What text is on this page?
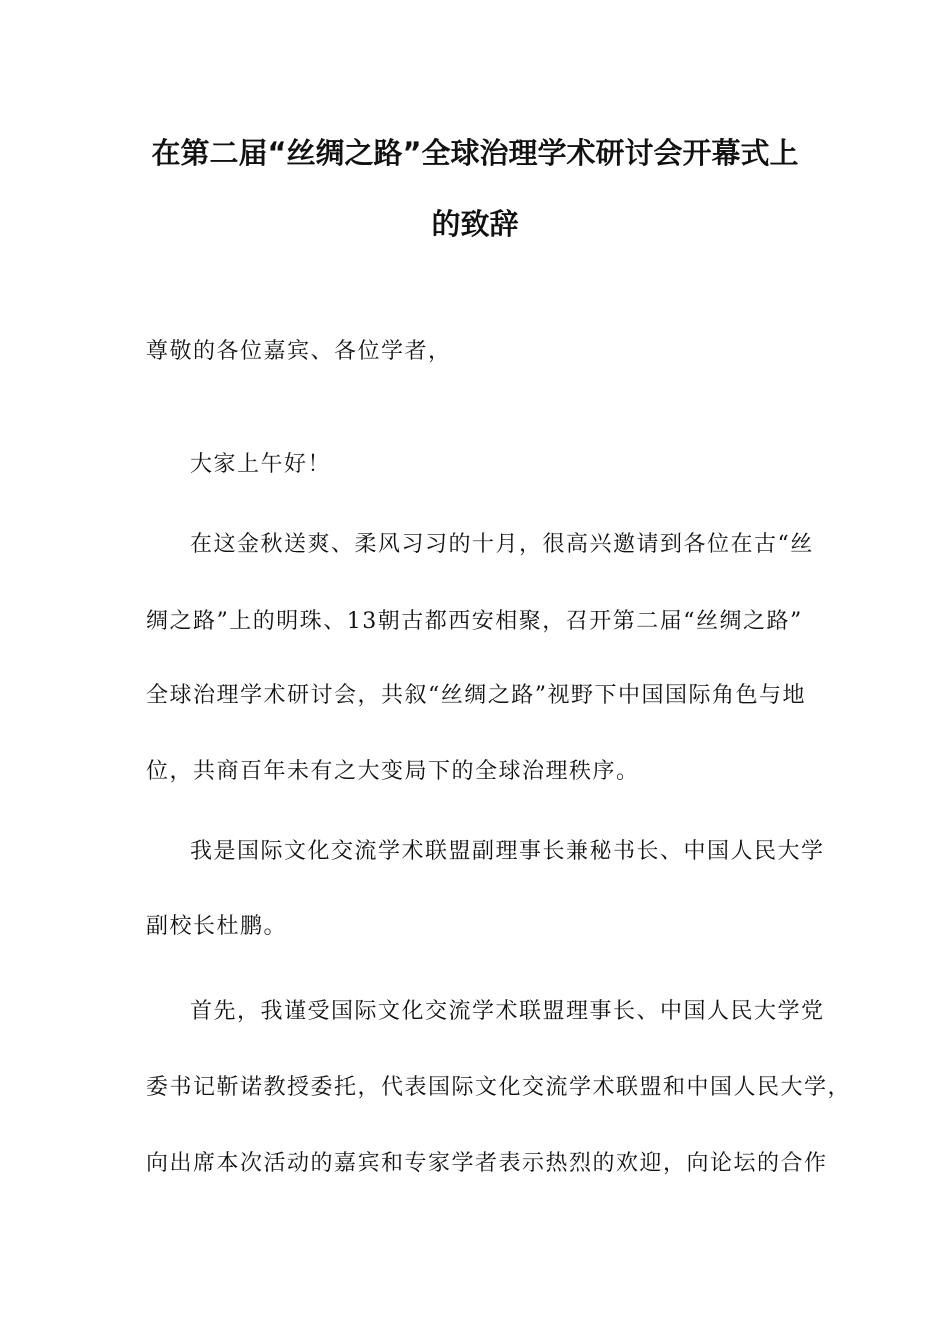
在第二届“丝绸之路”全球治理学术研讨会开幕式上
的致辞
尊敬的各位嘉宾、各位学者，
大家上午好！
在这金秋送爽、柔风习习的十月，很高兴邀请到各位在古“丝
绸之路”上的明珠、13朝古都西安相聚，召开第二届“丝绸之路”
全球治理学术研讨会，共叙“丝绸之路”视野下中国国际角色与地
位，共商百年未有之大变局下的全球治理秩序。
我是国际文化交流学术联盟副理事长兼秘书长、中国人民大学
副校长杜鹏。
首先，我谨受国际文化交流学术联盟理事长、中国人民大学党
委书记靳诺教授委托，代表国际文化交流学术联盟和中国人民大学，
向出席本次活动的嘉宾和专家学者表示热烈的欢迎，向论坛的合作
